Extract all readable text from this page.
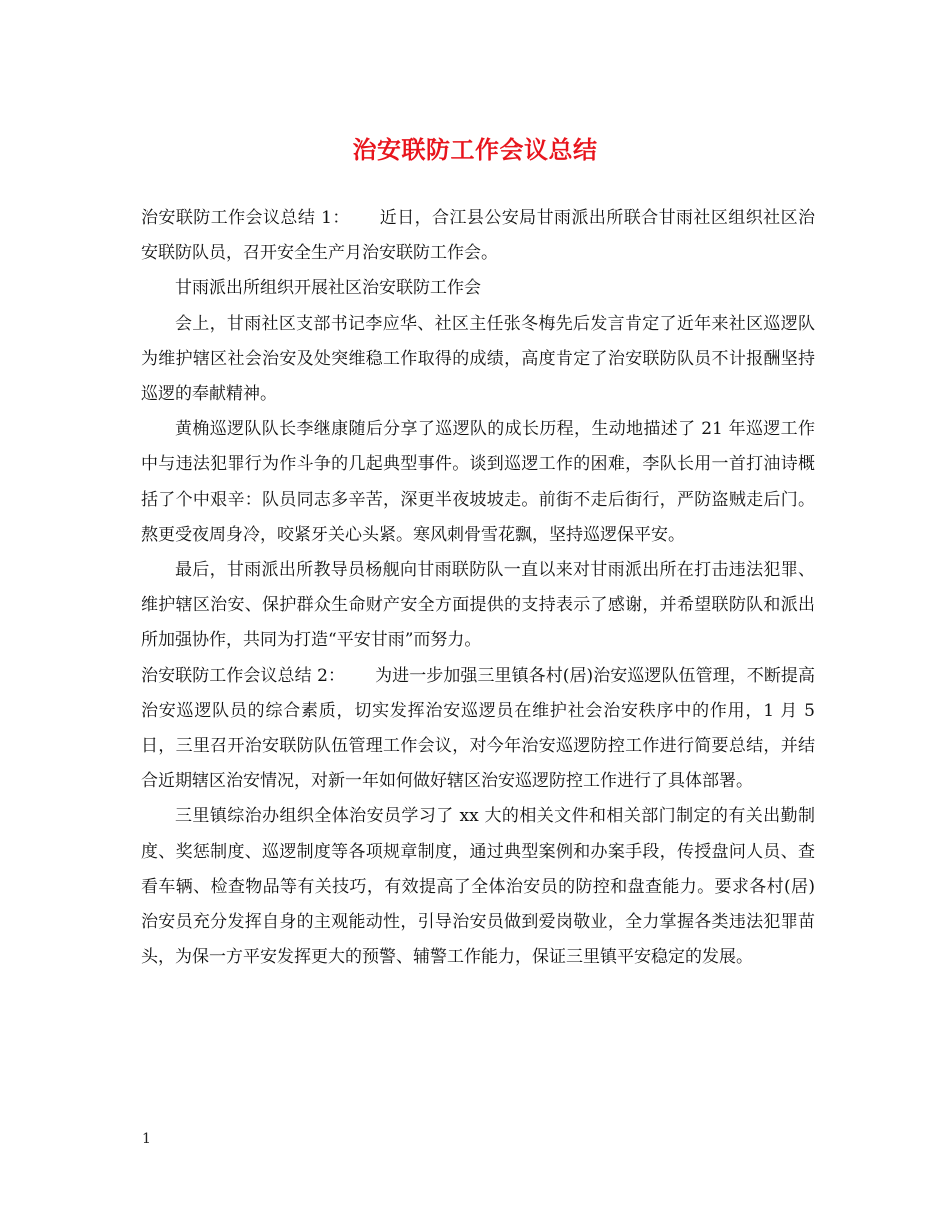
治安联防工作会议总结

治安联防工作会议总结 1： 近日，合江县公安局甘雨派出所联合甘雨社区组织社区治安联防队员，召开安全生产月治安联防工作会。

甘雨派出所组织开展社区治安联防工作会

会上，甘雨社区支部书记李应华、社区主任张冬梅先后发言肯定了近年来社区巡逻队为维护辖区社会治安及处突维稳工作取得的成绩，高度肯定了治安联防队员不计报酬坚持巡逻的奉献精神。

黄桷巡逻队队长李继康随后分享了巡逻队的成长历程，生动地描述了 21 年巡逻工作中与违法犯罪行为作斗争的几起典型事件。谈到巡逻工作的困难，李队长用一首打油诗概括了个中艰辛：队员同志多辛苦，深更半夜坡坡走。前街不走后街行，严防盗贼走后门。熬更受夜周身冷，咬紧牙关心头紧。寒风刺骨雪花飘，坚持巡逻保平安。

最后，甘雨派出所教导员杨舰向甘雨联防队一直以来对甘雨派出所在打击违法犯罪、维护辖区治安、保护群众生命财产安全方面提供的支持表示了感谢，并希望联防队和派出所加强协作，共同为打造“平安甘雨”而努力。

治安联防工作会议总结 2： 为进一步加强三里镇各村(居)治安巡逻队伍管理，不断提高治安巡逻队员的综合素质，切实发挥治安巡逻员在维护社会治安秩序中的作用，1 月 5 日，三里召开治安联防队伍管理工作会议，对今年治安巡逻防控工作进行简要总结，并结合近期辖区治安情况，对新一年如何做好辖区治安巡逻防控工作进行了具体部署。

三里镇综治办组织全体治安员学习了 xx 大的相关文件和相关部门制定的有关出勤制度、奖惩制度、巡逻制度等各项规章制度，通过典型案例和办案手段，传授盘问人员、查看车辆、检查物品等有关技巧，有效提高了全体治安员的防控和盘查能力。要求各村(居)治安员充分发挥自身的主观能动性，引导治安员做到爱岗敬业，全力掌握各类违法犯罪苗头，为保一方平安发挥更大的预警、辅警工作能力，保证三里镇平安稳定的发展。

1
